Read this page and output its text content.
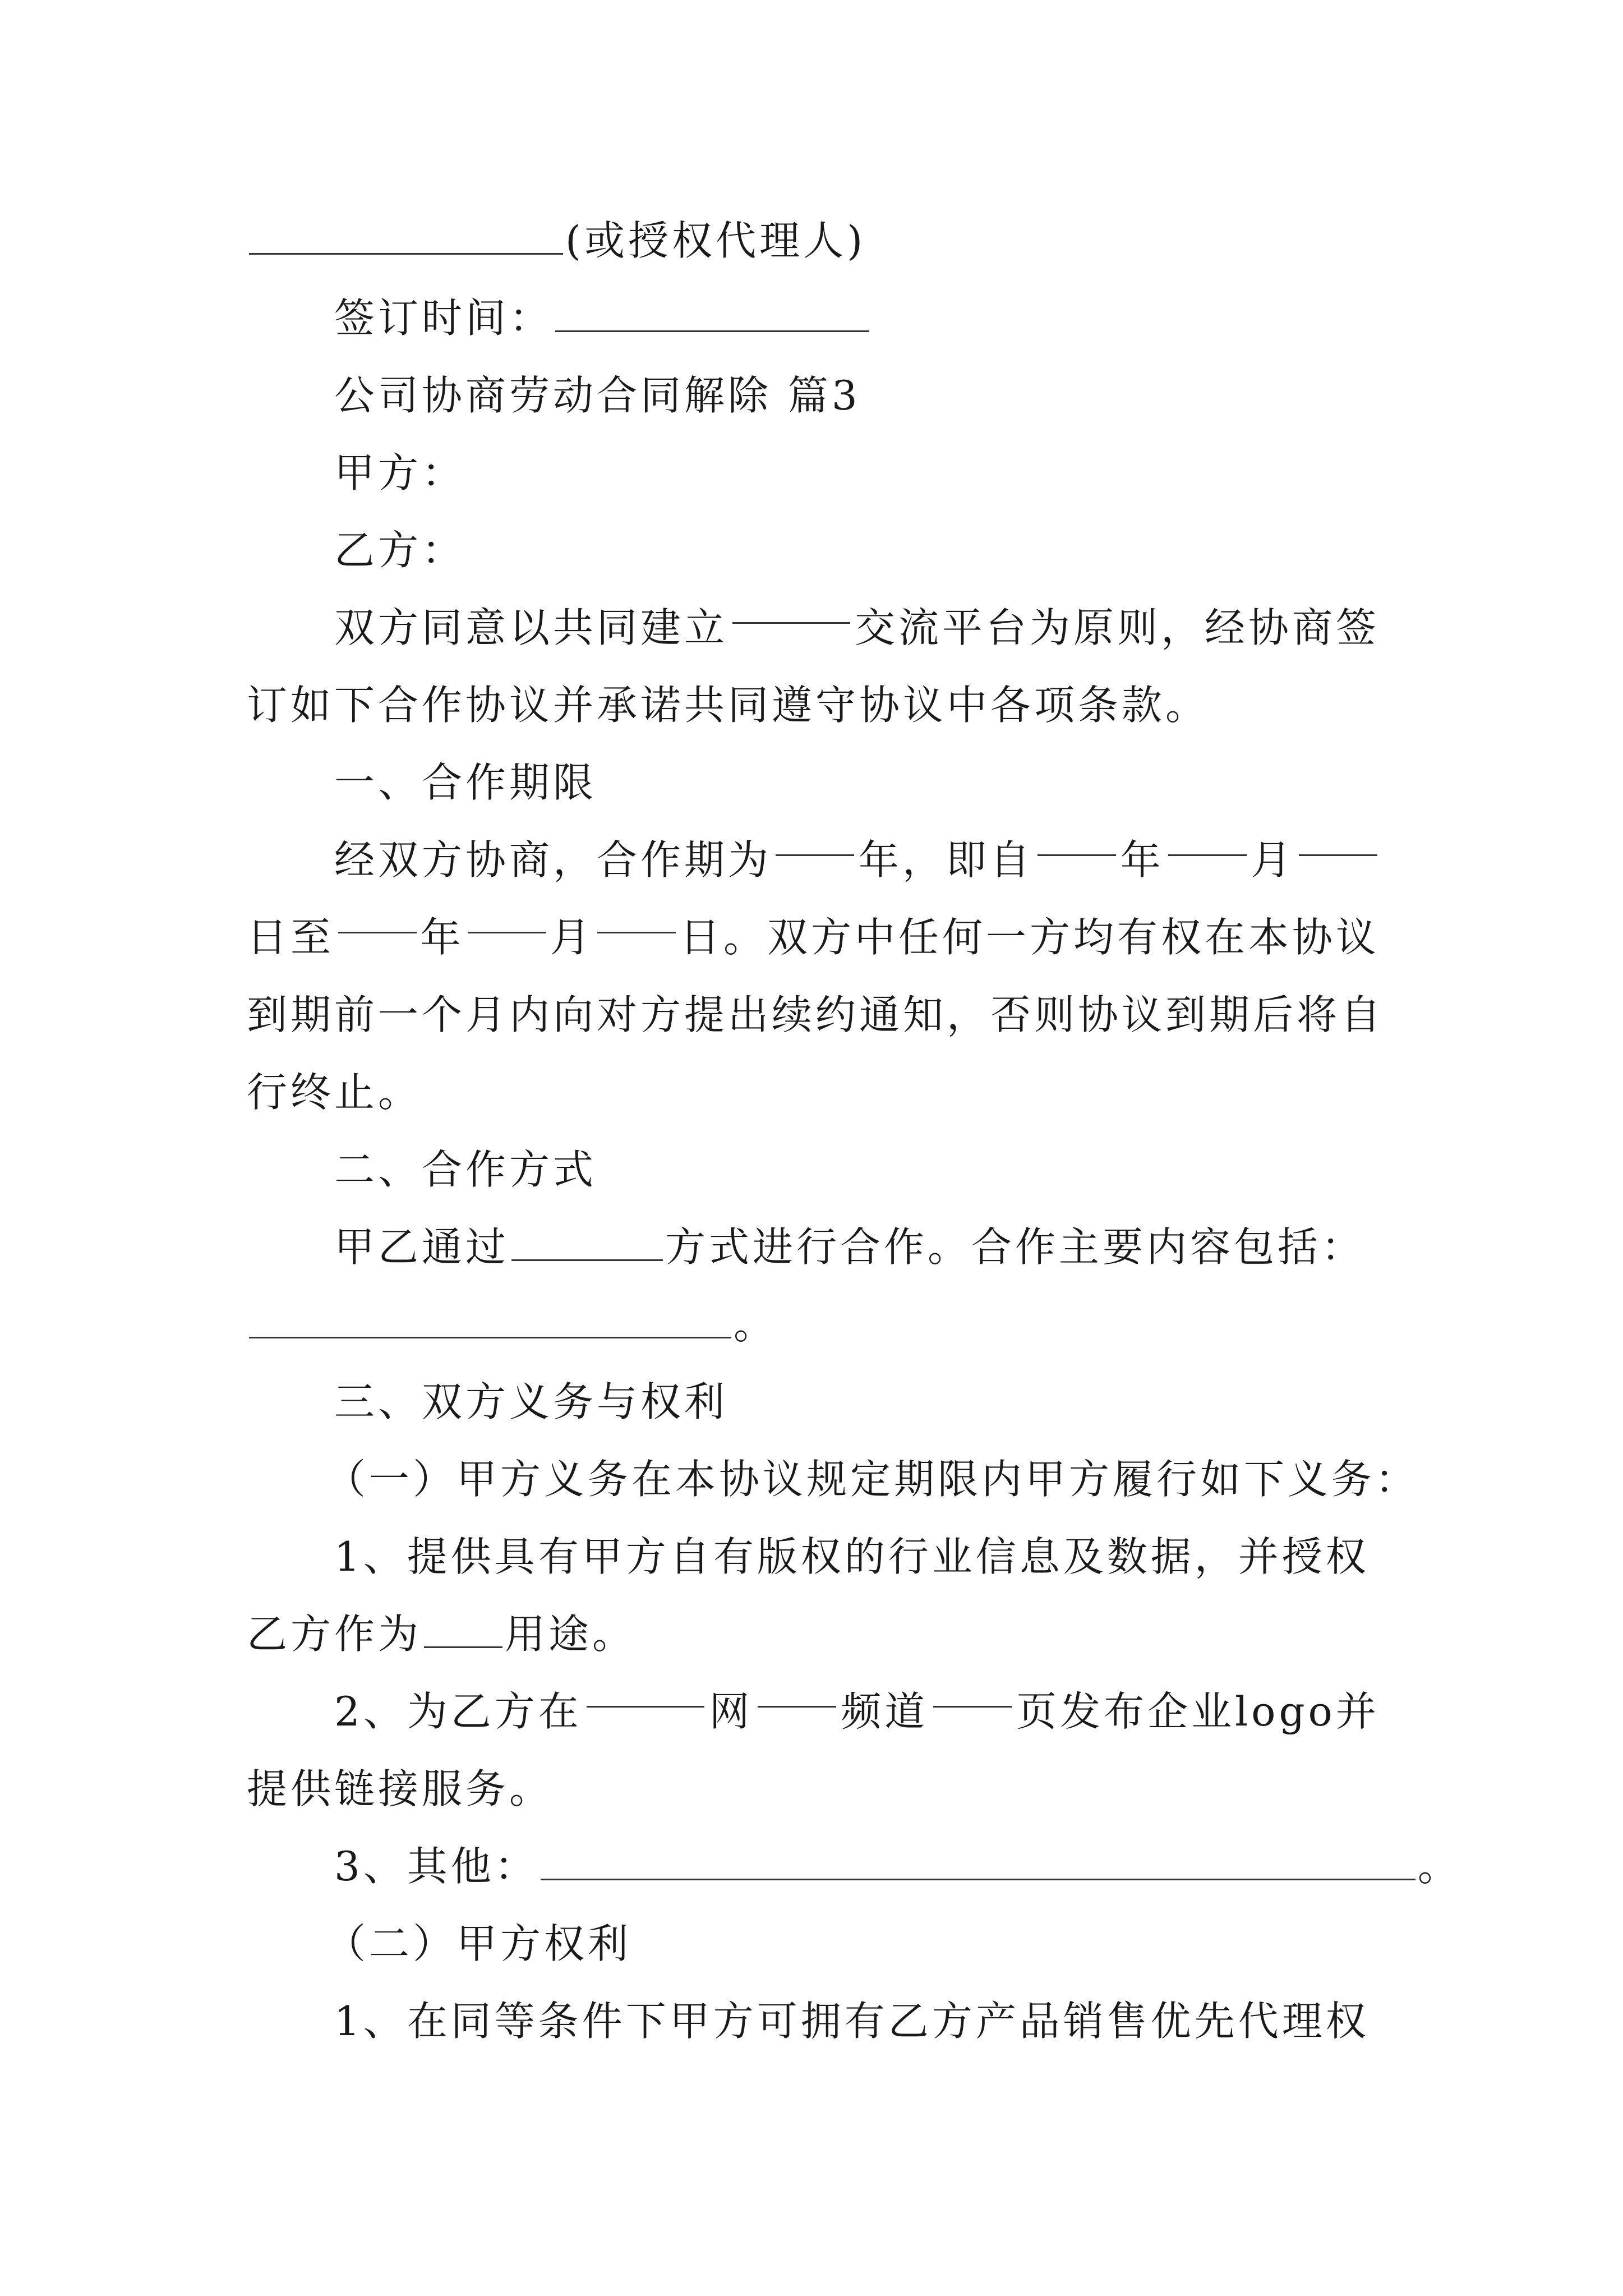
(或授权代理人)
签订时间：
公司协商劳动合同解除 篇3
甲方：
乙方：
双方同意以共同建立	交流平台为原则，经协商签
订如下合作协议并承诺共同遵守协议中各项条款。
一、合作期限
经双方协商，合作期为 年，即自 年 月
日至 年 月 日。双方中任何一方均有权在本协议
到期前一个月内向对方提出续约通知，否则协议到期后将自
行终止。
二、合作方式
甲乙通过	方式进行合作。合作主要内容包括：
。
三、双方义务与权利
（一）甲方义务在本协议规定期限内甲方履行如下义务：
1、提供具有甲方自有版权的行业信息及数据，并授权
乙方作为 用途。
2、为乙方在	网 频道 页发布企业logo并
提供链接服务。
3、其他：	。
（二）甲方权利
1、在同等条件下甲方可拥有乙方产品销售优先代理权
